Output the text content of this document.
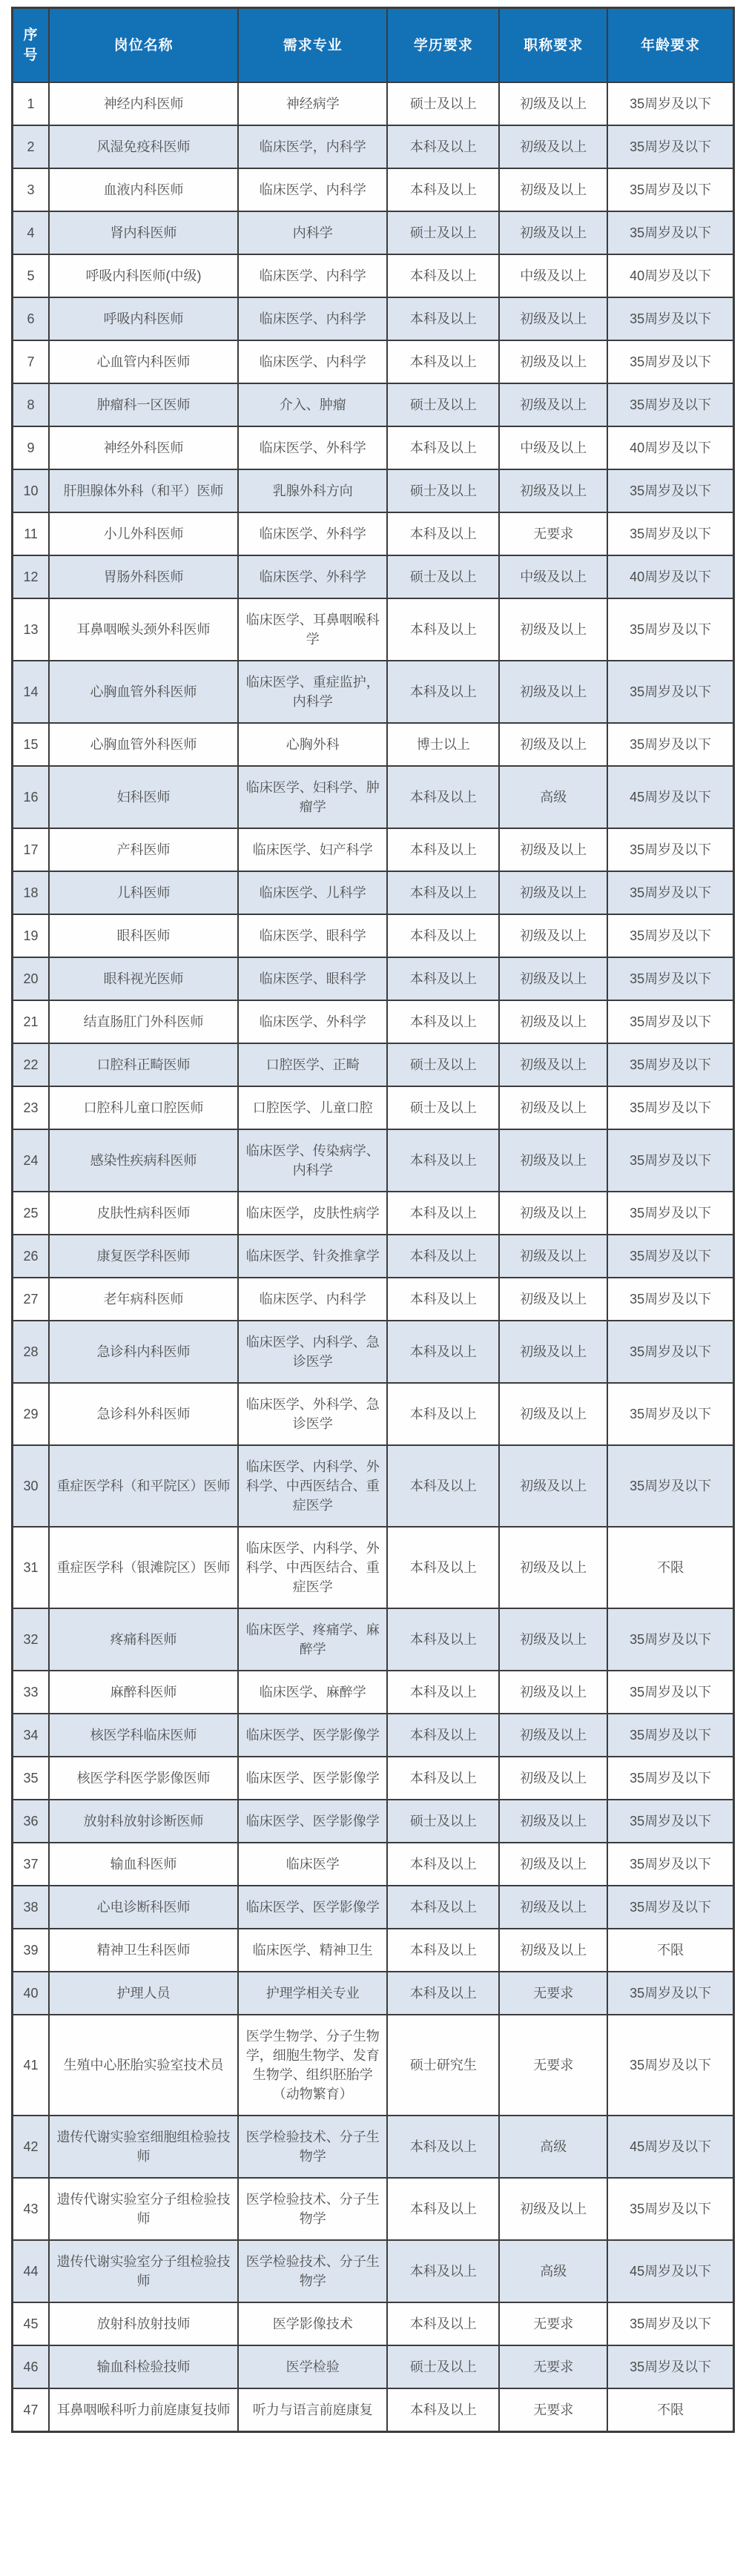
序号	岗位名称	需求专业	学历要求	职称要求	年龄要求
1	神经内科医师	神经病学	硕士及以上	初级及以上	35周岁及以下
2	风湿免疫科医师	临床医学，内科学	本科及以上	初级及以上	35周岁及以下
3	血液内科医师	临床医学、内科学	本科及以上	初级及以上	35周岁及以下
4	肾内科医师	内科学	硕士及以上	初级及以上	35周岁及以下
5	呼吸内科医师(中级)	临床医学、内科学	本科及以上	中级及以上	40周岁及以下
6	呼吸内科医师	临床医学、内科学	本科及以上	初级及以上	35周岁及以下
7	心血管内科医师	临床医学、内科学	本科及以上	初级及以上	35周岁及以下
8	肿瘤科一区医师	介入、肿瘤	硕士及以上	初级及以上	35周岁及以下
9	神经外科医师	临床医学、外科学	本科及以上	中级及以上	40周岁及以下
10	肝胆腺体外科（和平）医师	乳腺外科方向	硕士及以上	初级及以上	35周岁及以下
11	小儿外科医师	临床医学、外科学	本科及以上	无要求	35周岁及以下
12	胃肠外科医师	临床医学、外科学	硕士及以上	中级及以上	40周岁及以下
13	耳鼻咽喉头颈外科医师	临床医学、耳鼻咽喉科学	本科及以上	初级及以上	35周岁及以下
14	心胸血管外科医师	临床医学、重症监护，内科学	本科及以上	初级及以上	35周岁及以下
15	心胸血管外科医师	心胸外科	博士以上	初级及以上	35周岁及以下
16	妇科医师	临床医学、妇科学、肿瘤学	本科及以上	高级	45周岁及以下
17	产科医师	临床医学、妇产科学	本科及以上	初级及以上	35周岁及以下
18	儿科医师	临床医学、儿科学	本科及以上	初级及以上	35周岁及以下
19	眼科医师	临床医学、眼科学	本科及以上	初级及以上	35周岁及以下
20	眼科视光医师	临床医学、眼科学	本科及以上	初级及以上	35周岁及以下
21	结直肠肛门外科医师	临床医学、外科学	本科及以上	初级及以上	35周岁及以下
22	口腔科正畸医师	口腔医学、正畸	硕士及以上	初级及以上	35周岁及以下
23	口腔科儿童口腔医师	口腔医学、儿童口腔	硕士及以上	初级及以上	35周岁及以下
24	感染性疾病科医师	临床医学、传染病学、内科学	本科及以上	初级及以上	35周岁及以下
25	皮肤性病科医师	临床医学，皮肤性病学	本科及以上	初级及以上	35周岁及以下
26	康复医学科医师	临床医学、针灸推拿学	本科及以上	初级及以上	35周岁及以下
27	老年病科医师	临床医学、内科学	本科及以上	初级及以上	35周岁及以下
28	急诊科内科医师	临床医学、内科学、急诊医学	本科及以上	初级及以上	35周岁及以下
29	急诊科外科医师	临床医学、外科学、急诊医学	本科及以上	初级及以上	35周岁及以下
30	重症医学科（和平院区）医师	临床医学、内科学、外科学、中西医结合、重症医学	本科及以上	初级及以上	35周岁及以下
31	重症医学科（银滩院区）医师	临床医学、内科学、外科学、中西医结合、重症医学	本科及以上	初级及以上	不限
32	疼痛科医师	临床医学、疼痛学、麻醉学	本科及以上	初级及以上	35周岁及以下
33	麻醉科医师	临床医学、麻醉学	本科及以上	初级及以上	35周岁及以下
34	核医学科临床医师	临床医学、医学影像学	本科及以上	初级及以上	35周岁及以下
35	核医学科医学影像医师	临床医学、医学影像学	本科及以上	初级及以上	35周岁及以下
36	放射科放射诊断医师	临床医学、医学影像学	硕士及以上	初级及以上	35周岁及以下
37	输血科医师	临床医学	本科及以上	初级及以上	35周岁及以下
38	心电诊断科医师	临床医学、医学影像学	本科及以上	初级及以上	35周岁及以下
39	精神卫生科医师	临床医学、精神卫生	本科及以上	初级及以上	不限
40	护理人员	护理学相关专业	本科及以上	无要求	35周岁及以下
41	生殖中心胚胎实验室技术员	医学生物学、分子生物学，细胞生物学、发育生物学、组织胚胎学（动物繁育）	硕士研究生	无要求	35周岁及以下
42	遗传代谢实验室细胞组检验技师	医学检验技术、分子生物学	本科及以上	高级	45周岁及以下
43	遗传代谢实验室分子组检验技师	医学检验技术、分子生物学	本科及以上	初级及以上	35周岁及以下
44	遗传代谢实验室分子组检验技师	医学检验技术、分子生物学	本科及以上	高级	45周岁及以下
45	放射科放射技师	医学影像技术	本科及以上	无要求	35周岁及以下
46	输血科检验技师	医学检验	硕士及以上	无要求	35周岁及以下
47	耳鼻咽喉科听力前庭康复技师	听力与语言前庭康复	本科及以上	无要求	不限
